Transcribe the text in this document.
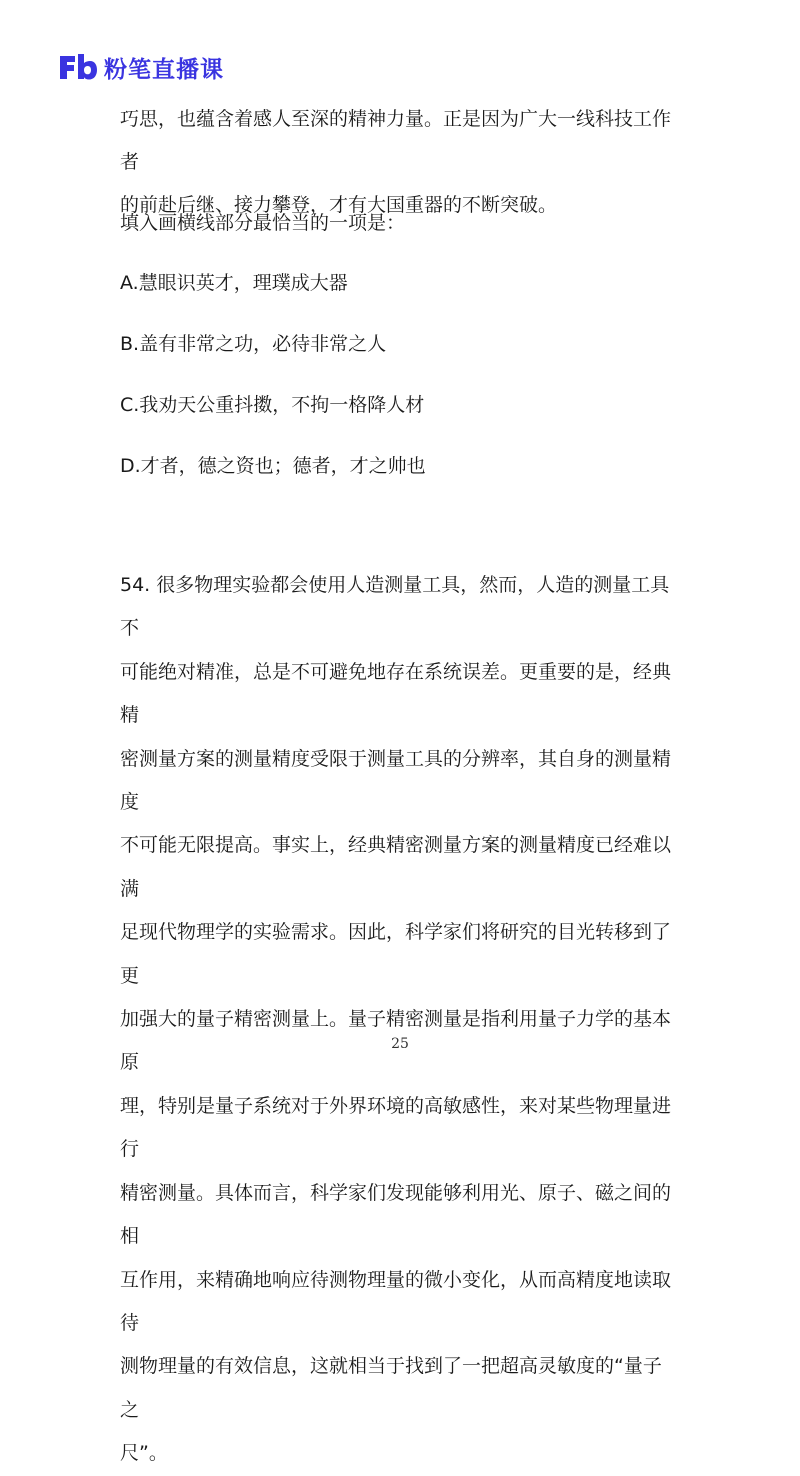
粉笔直播课
巧思，也蕴含着感人至深的精神力量。正是因为广大一线科技工作者
的前赴后继、接力攀登，才有大国重器的不断突破。
填入画横线部分最恰当的一项是：
A.慧眼识英才，理璞成大器
B.盖有非常之功，必待非常之人
C.我劝天公重抖擞，不拘一格降人材
D.才者，德之资也；德者，才之帅也
54. 很多物理实验都会使用人造测量工具，然而，人造的测量工具不
可能绝对精准，总是不可避免地存在系统误差。更重要的是，经典精
密测量方案的测量精度受限于测量工具的分辨率，其自身的测量精度
不可能无限提高。事实上，经典精密测量方案的测量精度已经难以满
足现代物理学的实验需求。因此，科学家们将研究的目光转移到了更
加强大的量子精密测量上。量子精密测量是指利用量子力学的基本原
理，特别是量子系统对于外界环境的高敏感性，来对某些物理量进行
精密测量。具体而言，科学家们发现能够利用光、原子、磁之间的相
互作用，来精确地响应待测物理量的微小变化，从而高精度地读取待
测物理量的有效信息，这就相当于找到了一把超高灵敏度的“量子之
尺”。
25
